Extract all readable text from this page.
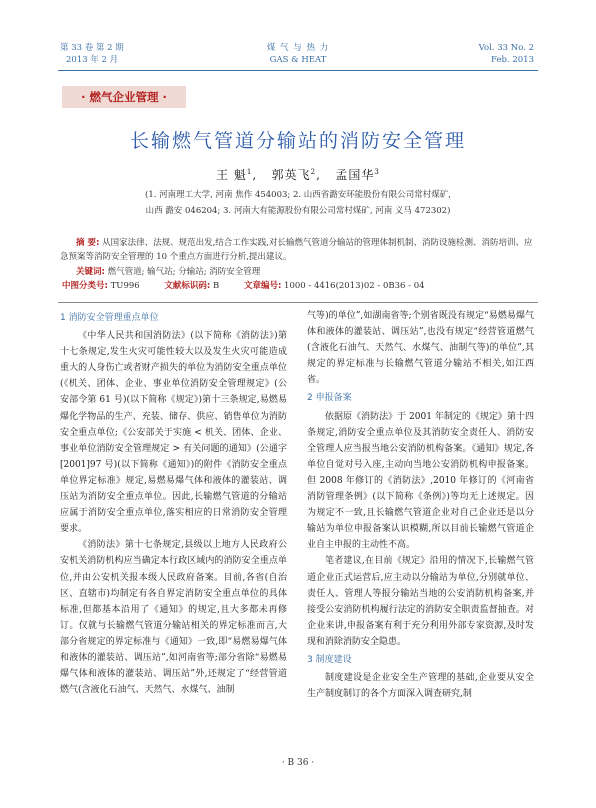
第 33 卷 第 2 期
2013 年 2 月
煤 气 与 热 力
GAS & HEAT
Vol. 33 No. 2
Feb. 2013
· 燃气企业管理 ·
长输燃气管道分输站的消防安全管理
王 魁$^1$,   郭英飞$^2$,   孟国华$^3$
(1. 河南理工大学, 河南 焦作 454003; 2. 山西省潞安环能股份有限公司常村煤矿,
山西 潞安 046204; 3. 河南大有能源股份有限公司常村煤矿, 河南 义马 472302)
摘 要: 从国家法律、法规、规范出发,结合工作实践,对长输燃气管道分输站的管理体制机制、消防设施检测、消防培训、应急预案等消防安全管理的 10 个重点方面进行分析,提出建议。
关键词: 燃气管道; 输气站; 分输站; 消防安全管理
中图分类号: TU996	文献标识码: B	文章编号: 1000 - 4416(2013)02 - 0B36 - 04
1 消防安全管理重点单位

《中华人民共和国消防法》(以下简称《消防法》)第十七条规定,发生火灾可能性较大以及发生火灾可能造成重大的人身伤亡或者财产损失的单位为消防安全重点单位(《机关、团体、企业、事业单位消防安全管理规定》(公安部令第 61 号)(以下简称《规定》)第十三条规定,易燃易爆化学物品的生产、充装、储存、供应、销售单位为消防安全重点单位;《公安部关于实施 < 机关、团体、企业、事业单位消防安全管理规定 > 有关问题的通知》(公通字[2001]97 号)(以下简称《通知》)的附件《消防安全重点单位界定标准》规定,易燃易爆气体和液体的灌装站、调压站为消防安全重点单位。因此,长输燃气管道的分输站应属于消防安全重点单位,落实相应的日常消防安全管理要求。

《消防法》第十七条规定,县级以上地方人民政府公安机关消防机构应当确定本行政区域内的消防安全重点单位,并由公安机关报本级人民政府备案。目前,各省(自治区、直辖市)均制定有各自界定消防安全重点单位的具体标准,但都基本沿用了《通知》的规定,且大多都未再修订。仅就与长输燃气管道分输站相关的界定标准而言,大部分省规定的界定标准与《通知》一致,即“易燃易爆气体和液体的灌装站、调压站”,如河南省等;部分省除“易燃易爆气体和液体的灌装站、调压站”外,还规定了“经营管道燃气(含液化石油气、天然气、水煤气、油制

气等)的单位”,如湖南省等;个别省既没有规定“易燃易爆气体和液体的灌装站、调压站”,也没有规定“经营管道燃气(含液化石油气、天然气、水煤气、油制气等)的单位”,其规定的界定标准与长输燃气管道分输站不相关,如江西省。

2 申报备案

依据原《消防法》于 2001 年制定的《规定》第十四条规定,消防安全重点单位及其消防安全责任人、消防安全管理人应当报当地公安消防机构备案。《通知》规定,各单位自觉对号入座,主动向当地公安消防机构申报备案。但 2008 年修订的《消防法》,2010 年修订的《河南省消防管理条例》(以下简称《条例》)等均无上述规定。因为规定不一致,且长输燃气管道企业对自己企业还是以分输站为单位申报备案认识模糊,所以目前长输燃气管道企业自主申报的主动性不高。

笔者建议,在目前《规定》沿用的情况下,长输燃气管道企业正式运营后,应主动以分输站为单位,分别就单位、责任人、管理人等报分输站当地的公安消防机构备案,并接受公安消防机构履行法定的消防安全职责监督抽查。对企业来讲,申报备案有利于充分利用外部专家资源,及时发现和消除消防安全隐患。

3 制度建设

制度建设是企业安全生产管理的基础,企业要从安全生产制度制订的各个方面深入调查研究,制

· B 36 ·
